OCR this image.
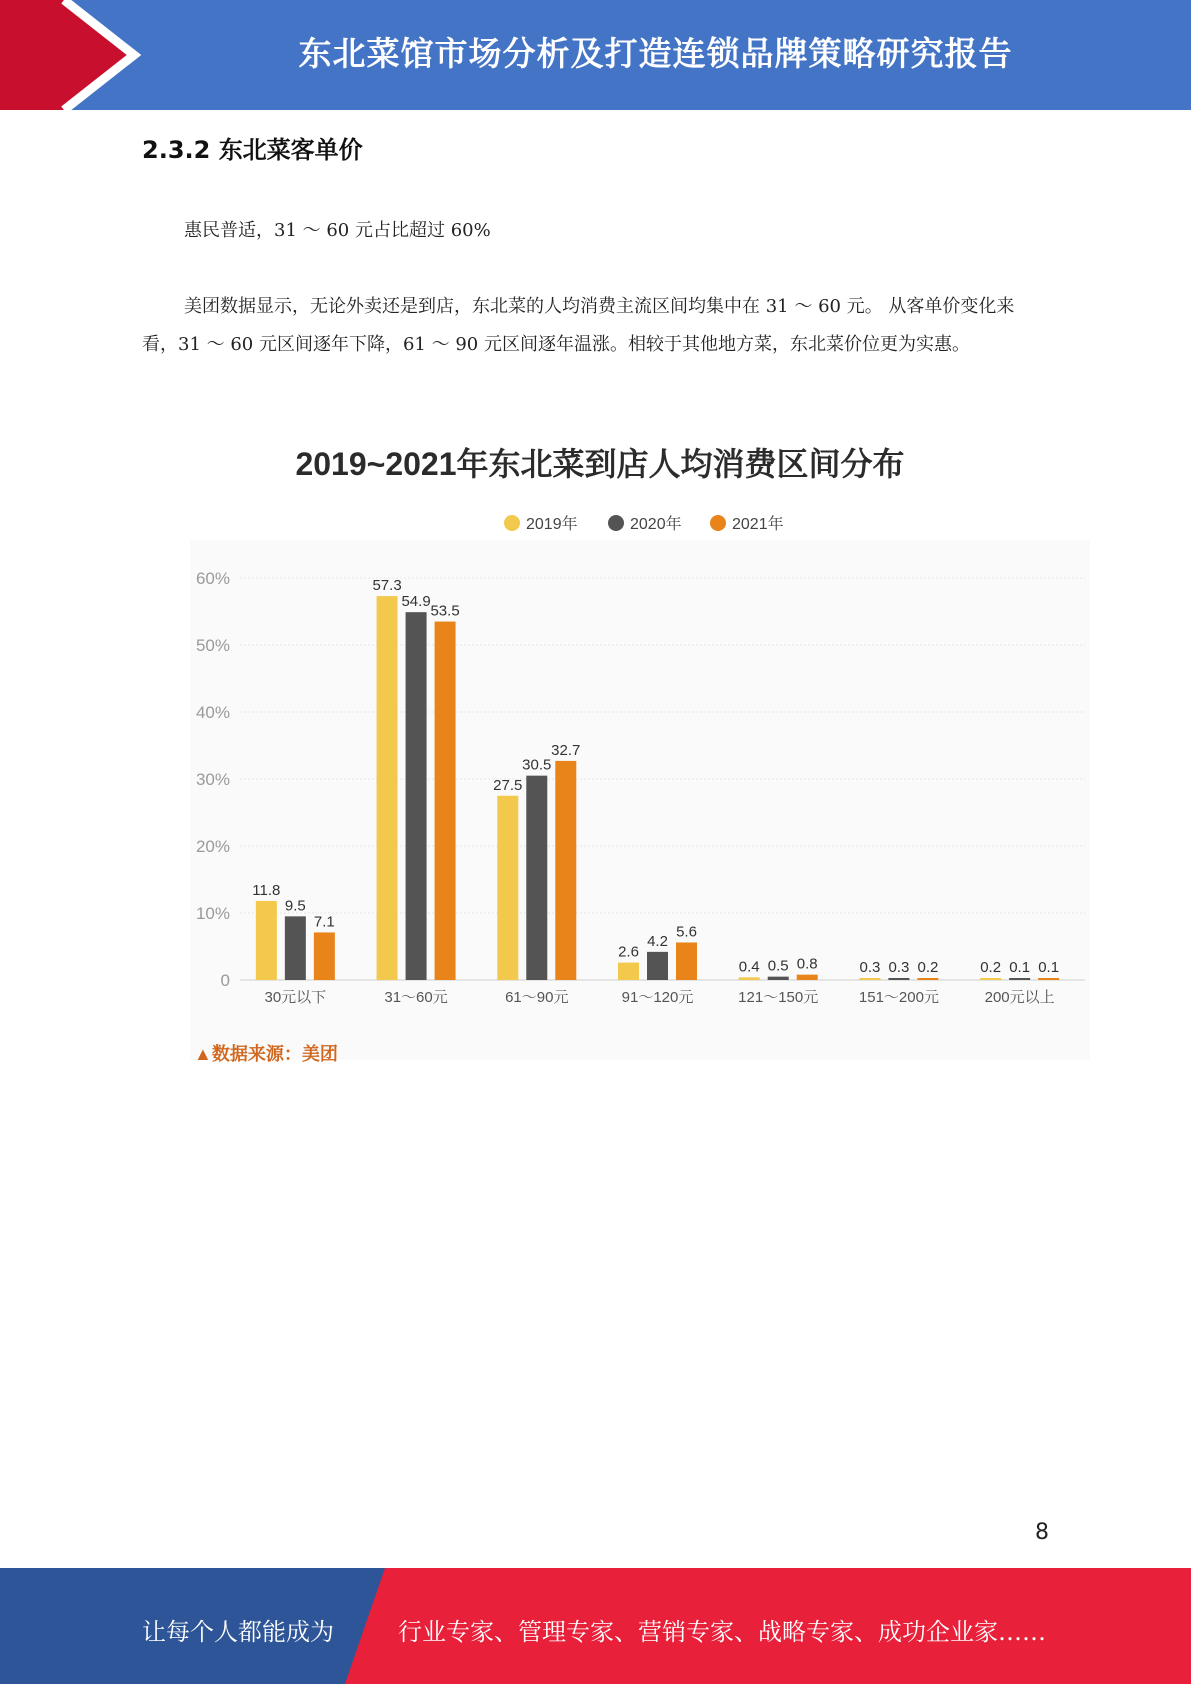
东北菜馆市场分析及打造连锁品牌策略研究报告
2.3.2 东北菜客单价

惠民普适，31 ～ 60 元占比超过 60%

美团数据显示，无论外卖还是到店，东北菜的人均消费主流区间均集中在 31 ～ 60 元。 从客单价变化来看，31 ～ 60 元区间逐年下降，61 ～ 90 元区间逐年温涨。相较于其他地方菜，东北菜价位更为实惠。

2019~2021年东北菜到店人均消费区间分布
2019年	2020年	2021年
0
10%
20%
30%
40%
50%
60%
11.8
9.5
7.1
30元以下
57.3
54.9
53.5
31～60元
27.5
30.5
32.7
61～90元
2.6
4.2
5.6
91～120元
0.4 0.5 0.8
121～150元
0.3 0.3 0.2
151～200元
0.2 0.1 0.1
200元以上
▲数据来源：美团
8
让每个人都能成为	行业专家、管理专家、营销专家、战略专家、成功企业家……
